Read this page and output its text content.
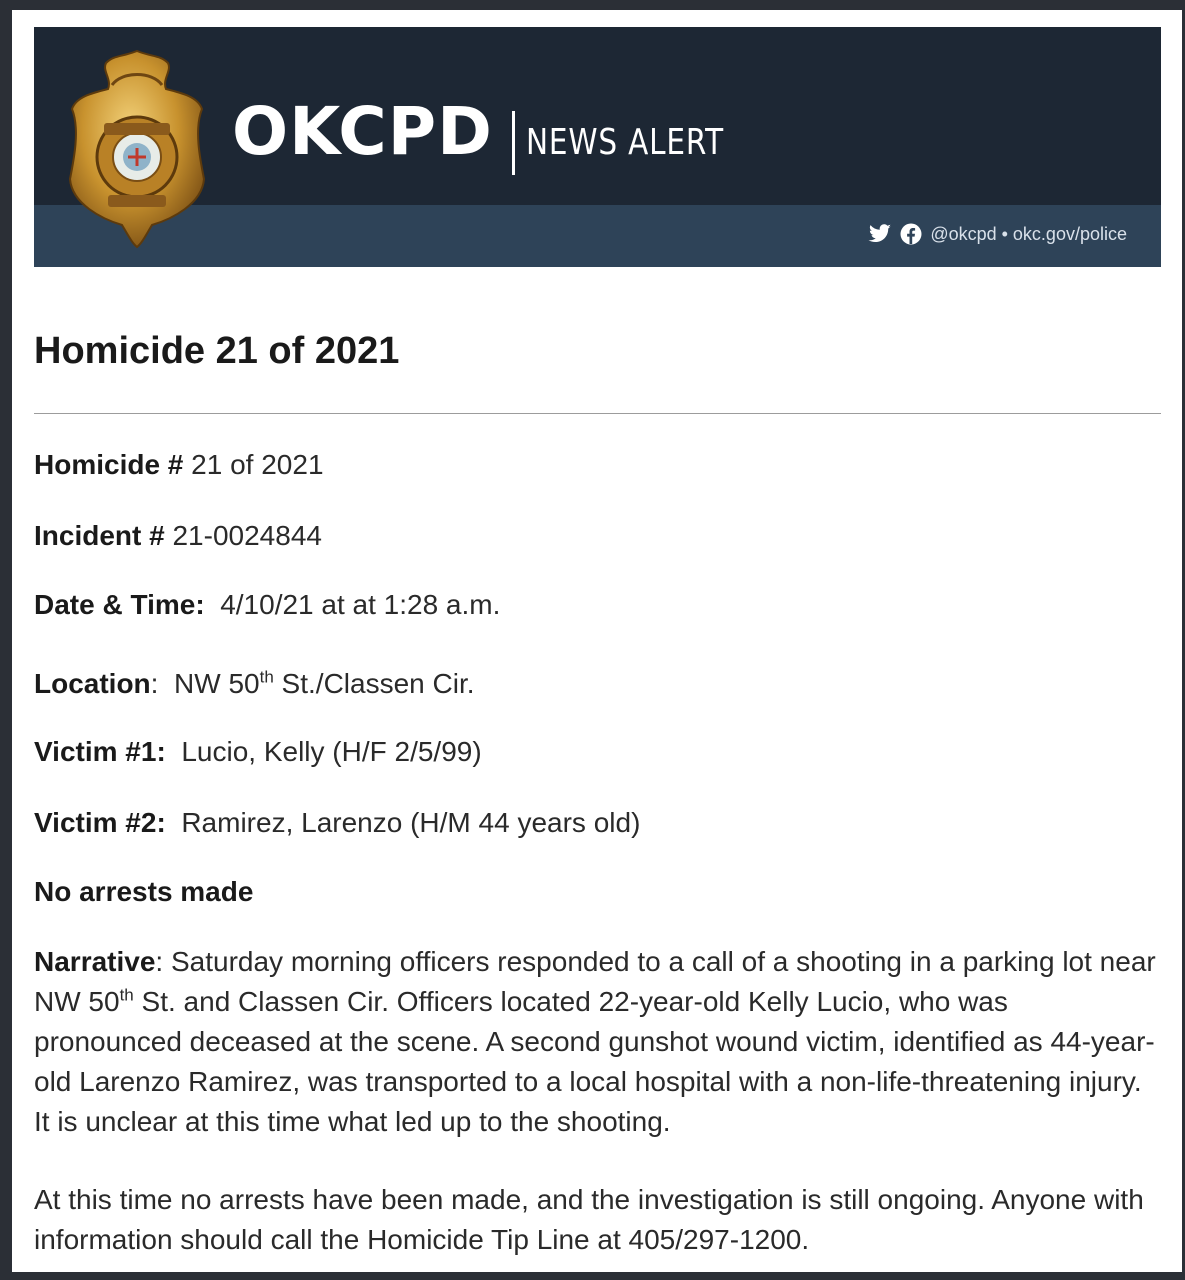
OKCPD NEWS ALERT
@okcpd • okc.gov/police
Homicide 21 of 2021
Homicide # 21 of 2021
Incident # 21-0024844
Date & Time:  4/10/21 at at 1:28 a.m.
Location:  NW 50th St./Classen Cir.
Victim #1:  Lucio, Kelly (H/F 2/5/99)
Victim #2:  Ramirez, Larenzo (H/M 44 years old)
No arrests made
Narrative: Saturday morning officers responded to a call of a shooting in a parking lot near NW 50th St. and Classen Cir. Officers located 22-year-old Kelly Lucio, who was pronounced deceased at the scene. A second gunshot wound victim, identified as 44-year-old Larenzo Ramirez, was transported to a local hospital with a non-life-threatening injury. It is unclear at this time what led up to the shooting.
At this time no arrests have been made, and the investigation is still ongoing. Anyone with information should call the Homicide Tip Line at 405/297-1200.
